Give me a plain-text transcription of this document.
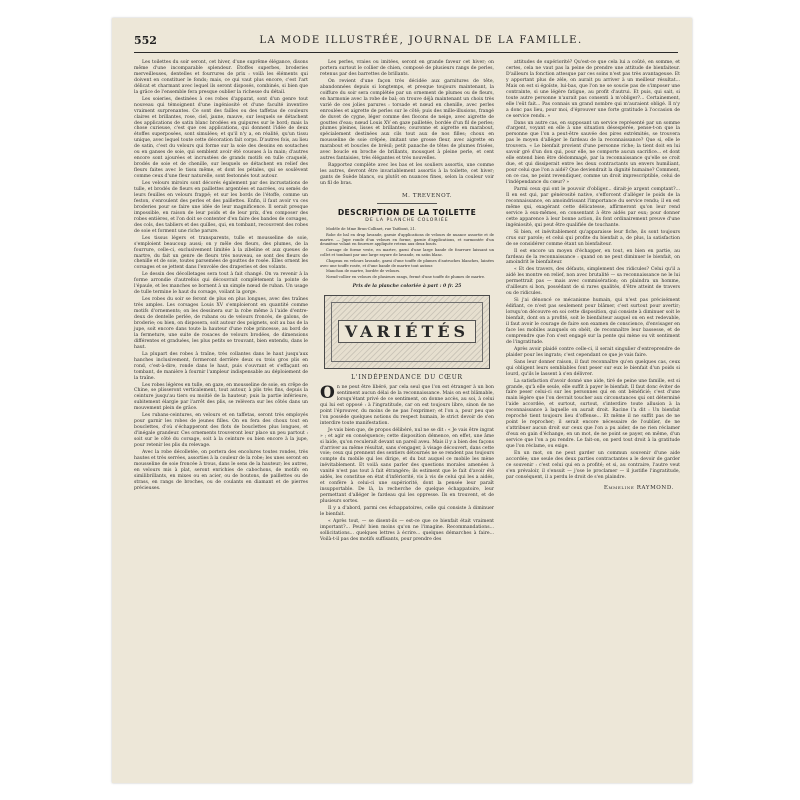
552	LA MODE ILLUSTRÉE, JOURNAL DE LA FAMILLE.

Les toilettes du soir seront, cet hiver, d'une suprême élégance, disons même d'une incomparable splendeur. Étoffes superbes, broderies merveilleuses, dentelles et fourrures de prix : voilà les éléments qui doivent en constituer le fonds; mais, ce qui vaut plus encore, c'est l'art délicat et charmant avec lequel ils seront disposés, combinés, si bien que la grâce de l'ensemble fera presque oublier la richesse du détail.

Les soieries, destinées à ces robes d'apparat, sont d'un genre tout nouveau qui témoignent d'une ingéniosité et d'une faculté inventive vraiment surprenantes. Ce sont des failles ou des taffetas de couleurs claires et brillantes, rose, ciel, jaune, mauve, sur lesquels se détachent des applications de satin blanc brodées en guipures sur le bord; mais la chose curieuse, c'est que ces applications, qui donnent l'idée de deux étoffes superposées, sont simulées; et qu'il n'y a, en réalité, qu'un tissu unique, avec lequel toute cette décoration fait corps. D'autres fois, au lieu de satin, c'est du velours qui forme sur la soie des dessins en soutaches ou en ganses de soie, qui semblent avoir été cousues à la main; d'autres encore sont ajourées et incrustées de grands motifs en tulle craquelé, brodés de soie et de chenille, sur lesquels se détachent en relief des fleurs faites avec le tissu même, et dont les pétales, qui se soulèvent comme ceux d'une fleur naturelle, sont festonnés tout autour.

Les velours miroirs sont décorés également par des incrustations de tulle, et brodés de fleurs en paillettes argentées et nacrées, ou semés de leurs feuilles en velours frappé; et sur les bords de l'étoffe, comme un feston, s'enroulent des perles et des paillettes. Enfin, il faut avoir vu ces broderies pour se faire une idée de leur magnificence. Il serait presque impossible, en raison de leur poids et de leur prix, d'en composer des robes entières, et l'on doit se contenter d'en faire des bandes de corsages, des cols, des tabliers et des quilles, qui, en tombant, recouvrent des robes de soie et forment une riche parure.

Les tissus légers et transparents, tulle et mousseline de soie, s'emploient beaucoup aussi; on y mêle des fleurs, des plumes, de la fourrure, celle-ci, exclusivement limitée à la zibeline et aux queues de martre, du fait un genre de fleurs très nouveau, se sont des fleurs de chenille et de soie, toutes parsemées de gouttes de rosée. Elles ornent les corsages et se jettent dans l'envolée des draperies et des volants.

Le dessin des décolletages sera tout à fait changé. On va revenir à la forme arrondie d'autrefois qui découvrait complètement la pointe de l'épaule, et les manches se bornent à un simple nœud de ruban. Un usage de tulle termine le haut du corsage, voilant la gorge.

Les robes du soir se feront de plus en plus longues, avec des traînes très amples. Les corsages Louis XV s'emploieront en quantité comme motifs d'ornements; on les dessinera sur la robe même à l'aide d'entre-deux de dentelle perlée, de rubans ou de velours froncés, de galons, de broderie; ou bien, on disposera, soit autour des poignets, soit au bas de la jupe, soit encore dans toute la hauteur d'une robe princesse, au bord de la fermeture, une suite de rosaces de velours brodées, de dimensions différentes et graduées, les plus petits se trouvant, bien entendu, dans le haut.

La plupart des robes à traîne, très collantes dans le haut jusqu'aux hanches inclusivement, formeront derrière deux ou trois gros plis en rond, c'est-à-dire, ronde dans le haut, puis s'ouvrant et s'effaçant en tombant, de manière à fournir l'ampleur indispensable au déploiement de la traîne.

Les robes légères en tulle, en gaze, en mousseline de soie, en crêpe de Chine, se plisseront verticalement, tout autour, à plis très fins, depuis la ceinture jusqu'au tiers ou moitié de la hauteur; puis la partie inférieure, subitement élargie par l'arrêt des plis, se relèvera sur les côtés dans un mouvement plein de grâce.

Les rubans-ceintures, en velours et en taffetas, seront très employés pour garnir les robes de jeunes filles. On en fera des choux tout en bouclettes, d'où s'échapperont des flots de bouclettes plus longues, et d'inégale grandeur. Ces ornements trouveront leur place un peu partout : soit sur le côté du corsage, soit à la ceinture ou bien encore à la jupe, pour retenir les plis du relevage.

Avec la robe décolletée, on portera des encolures toutes rondes, très hautes et très serrées, assorties à la couleur de la robe; les unes seront en mousseline de soie froncée à trous, dans le sens de la hauteur; les autres, en velours mis à plat, seront enrichies de cabochons, de motifs en similibrillants, en mixes ou en acier, ou de boutons, de paillettes ou de strass, en rangs de broches, ou de coulants en diamant et de pierres précieuses.

Les perles, vraies ou imitées, seront en grande faveur cet hiver; on portera surtout le collier de chien, composé de plusieurs rangs de perles, retenus par des barrettes de brillants.

On revient d'une façon très décidée aux garnitures de tête, abandonnées depuis si longtemps, et presque toujours maintenant, la coiffure du soir sera complétée par un ornement de plumes ou de fleurs, en harmonie avec la robe de bal; on trouve déjà maintenant un choix très varié de ces jolies parures : torsade et nœud en chenille, avec perles enroulées et aigrette de perles sur le côté; puis des mille-illusions, frangé de duvet de cygne, léger comme des flocons de neige, avec aigrette de gouttes d'eau; nœud Louis XV en gaze pailletée, bordée d'un fil de perles; plumes pleines, lisses et brillantes; couronne et aigrette en marabout, spécialement destinées aux cils tout aux de nos filles; choux en mousseline de soie crêpée, imitant une grosse fleur, avec aigrette en marabout et boucles de brésil; petit panache de têtes de plumes frisées, avec boucle en broche de brillants, mousquet à pleine perle, et cent autres fantaisies, très élégantes et très nouvelles.

Rapportez complète avec les bas et les souliers assortis, une comme les autres, devront être invariablement assortis à la toilette, cet hiver; gants de Suède blancs, ou plutôt en nuances fines, selon la couleur voir un fil de bras.

M. TREVENOT.
DESCRIPTION DE LA TOILETTE
DE LA PLANCHE COLORIÉE

Modèle de Mme Brun-Collinet, rue Taitbout, 21.

Robe de bal en drap lavande, garnie d'applications de velours de nuance assortie et de martre. — Jupe ronde d'un velours en forme, garnie d'applications, et surmontée d'un deuxième volant en fourrure appliquée retenu aux deux bouts.

Corsage de forme veste, en martre, garni d'une large bande de fourrure laissant un collet et tombant par une large rayure de lavande, en satin blanc.

Chapeau en velours lavande, garni d'une touffe de plumes d'autruches blanches, lainées avec une touffe rosée, et d'une bande de martre tout autour.

Manchon de martre, bordée de velours.

Nœud-collier en velours de plusieurs rangs, fermé d'une touffe de plumes de martre.

Prix de la planche coloriée à part : 0 fr. 25
VARIÉTÉS
L'INDÉPENDANCE DU CŒUR

On ne peut être libéré, par cela seul que l'on est étranger à un bon sentiment aucun délai de la reconnaissance. Mais on est blâmable, lorsqu'étant privé de ce sentiment, on donne accès, au soi, à celui qui lui est opposé : à l'ingratitude, car on est toujours libre, sinon de ne point l'éprouver, du moins de ne pas l'exprimer; et l'on a, pour peu que l'on possède quelques notions du respect humain, le strict devoir de s'en interdire toute manifestation.

Je vais bien que, de propos délibéré, nul ne se dit : « Je vais être ingrat » ; et agir en conséquence; cette disposition démence, en effet, une âme si laide, qu'on reculerait devant un pareil aveu. Mais il y a bien des façons d'arriver au même résultat, sans s'engager, à visage découvert, dans cette voie; ceux qui prennent des sentiers détournés ne se rendent pas toujours compte du mobile qui les dirige, et du but auquel ce mobile les mène inévitablement. Et voilà sans parler des questions morales amenées à vanité n'est pas tout à fait étrangère; ils estiment que le fait d'avoir été aidés, les constitue en état d'infériorité, vis à vis de celui qui les a aidés, et confère à celui-ci une supériorité, dont la pensée leur paraît insupportable. De là, la recherche de quelque échappatoire, leur permettant d'alléger le fardeau qui les oppresse. Ils en trouvent, et de plusieurs sortes.

Il y a d'abord, parmi ces échappatoires, celle qui consiste à diminuer le bienfait.

« Après tout, — se disent-ils — est-ce que ce bienfait était vraiment important?... Peuh! bien moins qu'on ne l'imagine. Recommandations... sollicitations... quelques lettres à écrire... quelques démarches à faire... Voilà-t-il pas des motifs suffisants, pour prendre des

attitudes de supériorité? Qu'est-ce que cela lui a coûté, en somme, et certes, cela ne vaut pas la peine de prendre une attitude de bienfaiteur. D'ailleurs la fonction attesque par ces soins n'est pas très avantageuse. Et y apportant plus de zèle, on aurait pu arriver à un meilleur résultat... Mais on est si égoïste, lui-bas, que l'on ne se soucie pas de s'imposer une contrainte, si une légère fatigue, au profit d'autrui. Et puis, qui sait, si toute autre personne n'aurait pas consenti à m'obliger?... Certainement, elle l'eût fait... Pas connais un grand nombre qui m'auraient obligé. Il n'y a donc pas lieu, pour moi, d'éprouver une forte gratitude à l'occasion de ce service rendu. »

Dans un autre cas, en supposant un service représenté par un somme d'argent, voyant en elle à une situation désespérée, pense-t-on que la personne que l'on a peut-être sauvée des pires extrémités, se trouvera pas le moyen d'alléger le fardeau de la reconnaissance? Que si, elle le trouvera. « Le bienfait provient d'une personne riche; la tient doit en lui savoir gré d'un don qui, pour elle, ne comporte aucun sacrifice... et dont elle entend bien être dédommagé, par la reconnaissance qu'elle se croit due, et qui dissiperait entre les deux contractants un envers humiliant, pour celui que l'on a aidé? Que deviendrait la dignité humaine? Comment, on ce cas, ne point revendiquer, comme un droit imprescriptible, celui de l'indépendance du cœur? »

Parmi ceux qui ont le pouvoir d'obliger... dirait-je argent comptant?... Il en est qui, par générosité native, s'efforcent d'alléger le poids de la reconnaissance, en amoindrissant l'importance du service rendu; il en est même qui, exagérant cette délicatesse, affirmeront qu'on leur rend service à eux-mêmes, en consentant à être aidés par eux; pour donner cette apparence à leur bonne action, ils font ordinairement preuve d'une ingéniosité, qui peut être qualifiée de touchante.

Si bien, et inévitablement qu'apparaisse leur fiche, ils sont toujours crus sur parole; et celui qui profite du bienfait a, de plus, la satisfaction de se considérer comme étant un bienfaiteur.

Il est encore un moyen d'échapper, en tout, en bien en partie, au fardeau de la reconnaissance : quand on ne peut diminuer le bienfait, on amoindrit le bienfaiteur.

« Et des travers, des défauts, simplement des ridicules? Celui qu'il a aidé les montre en relief, non avec brutalité — sa reconnaissance ne le lui permettrait pas — mais avec commisération; on plaindra un homme, d'ailleurs si bon, possédant de si rares qualités, d'être atteint de travers ou de ridicules.

Si j'ai dénoncé ce mécanisme humain, qui n'est pas précisément édifiant, ce n'est pas seulement pour blâmer, c'est surtout pour avertir; lorsqu'on découvre en soi cette disposition, qui consiste à diminuer soit le bienfait, dont on a profité, soit le bienfaiteur auquel on en est redevable, il faut avoir le courage de faire son examen de conscience, d'envisager en face les mobiles auxquels on obéit, de reconnaître leur bassesse, et de comprendre que l'on s'est engagé sur la pente qui mène ou vit sentiment de l'ingratitude.

Après avoir plaidé contre celle-ci, il serait singulier d'entreprendre de plaider pour les ingrats; c'est cependant ce que je vais faire.

Sans leur donner raison, il faut reconnaître qu'en quelques cas, ceux qui obligent leurs semblables font peser sur eux le bienfait d'un poids si lourd, qu'ils le lassent à s'en délivrer.

La satisfaction d'avoir donné une aide, tiré de peine une famille, est si grande, qu'à elle seule, elle suffit à payer le bienfait. Il faut donc éviter de faire peser celui-ci sur les personnes qui en ont bénéficié; c'est d'une main légère que l'on devrait toucher aux circonstances qui ont déterminé l'aide accordée, et surtout, surtout, s'interdire toute allusion à la reconnaissance à laquelle on aurait droit. Racine l'a dit : Un bienfait reproché tient toujours lieu d'offense... Et même il ne suffit pas de ne point le reprocher; il serait encore nécessaire de l'oublier, de ne s'attribuer aucun droit sur ceux que l'on a pu aider, de ne rien réclamer d'eux en gain d'échange, en un mot, de ne point se payer, en même, d'un service que l'on a pu rendre. Le fait-on, on perd tout droit à la gratitude que l'on réclame, ou exige.

En un mot, on ne peut garder un commun souvenir d'une aide accordée; une seule des deux parties contractantes a le devoir de garder ce souvenir : c'est celui qui en a profité; et si, au contraire, l'autre veut s'en prévaloir, il s'ensuit — j'ose le proclamer — il justifie l'ingratitude, par conséquent, il a perdu le droit de s'en plaindre.

Emmeline RAYMOND.
